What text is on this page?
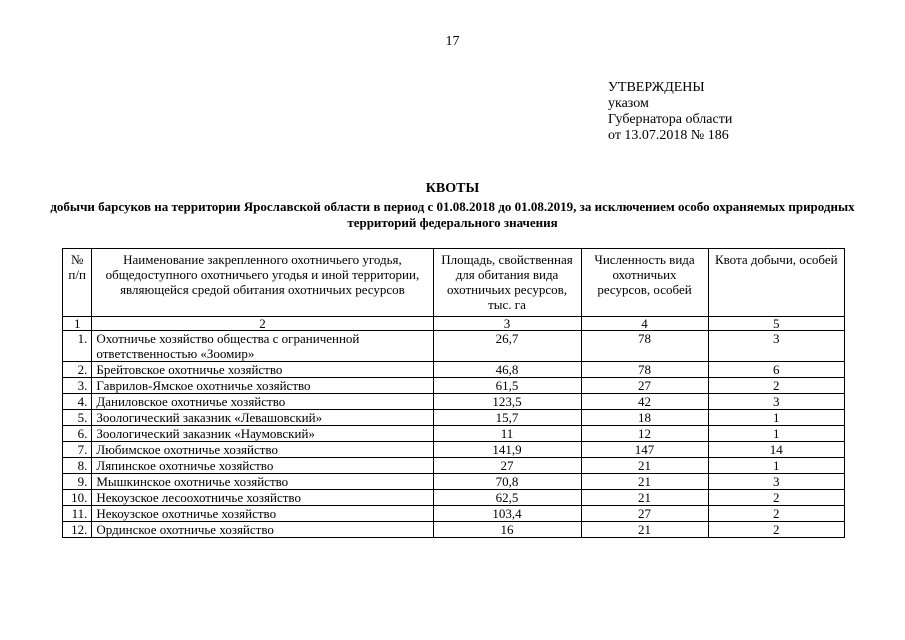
17
УТВЕРЖДЕНЫ
указом
Губернатора области
от 13.07.2018 № 186
КВОТЫ
добычи барсуков на территории Ярославской области в период с 01.08.2018 до 01.08.2019, за исключением особо охраняемых природных территорий федерального значения
№ п/п	Наименование закрепленного охотничьего угодья, общедоступного охотничьего угодья и иной территории, являющейся средой обитания охотничьих ресурсов	Площадь, свойственная для обитания вида охотничьих ресурсов, тыс. га	Численность вида охотничьих ресурсов, особей	Квота добычи, особей
1	2	3	4	5
1.	Охотничье хозяйство общества с ограниченной ответственностью «Зоомир»	26,7	78	3
2.	Брейтовское охотничье хозяйство	46,8	78	6
3.	Гаврилов-Ямское охотничье хозяйство	61,5	27	2
4.	Даниловское охотничье хозяйство	123,5	42	3
5.	Зоологический заказник «Левашовский»	15,7	18	1
6.	Зоологический заказник «Наумовский»	11	12	1
7.	Любимское охотничье хозяйство	141,9	147	14
8.	Ляпинское охотничье хозяйство	27	21	1
9.	Мышкинское охотничье хозяйство	70,8	21	3
10.	Некоузское лесоохотничье хозяйство	62,5	21	2
11.	Некоузское охотничье хозяйство	103,4	27	2
12.	Ординское охотничье хозяйство	16	21	2
